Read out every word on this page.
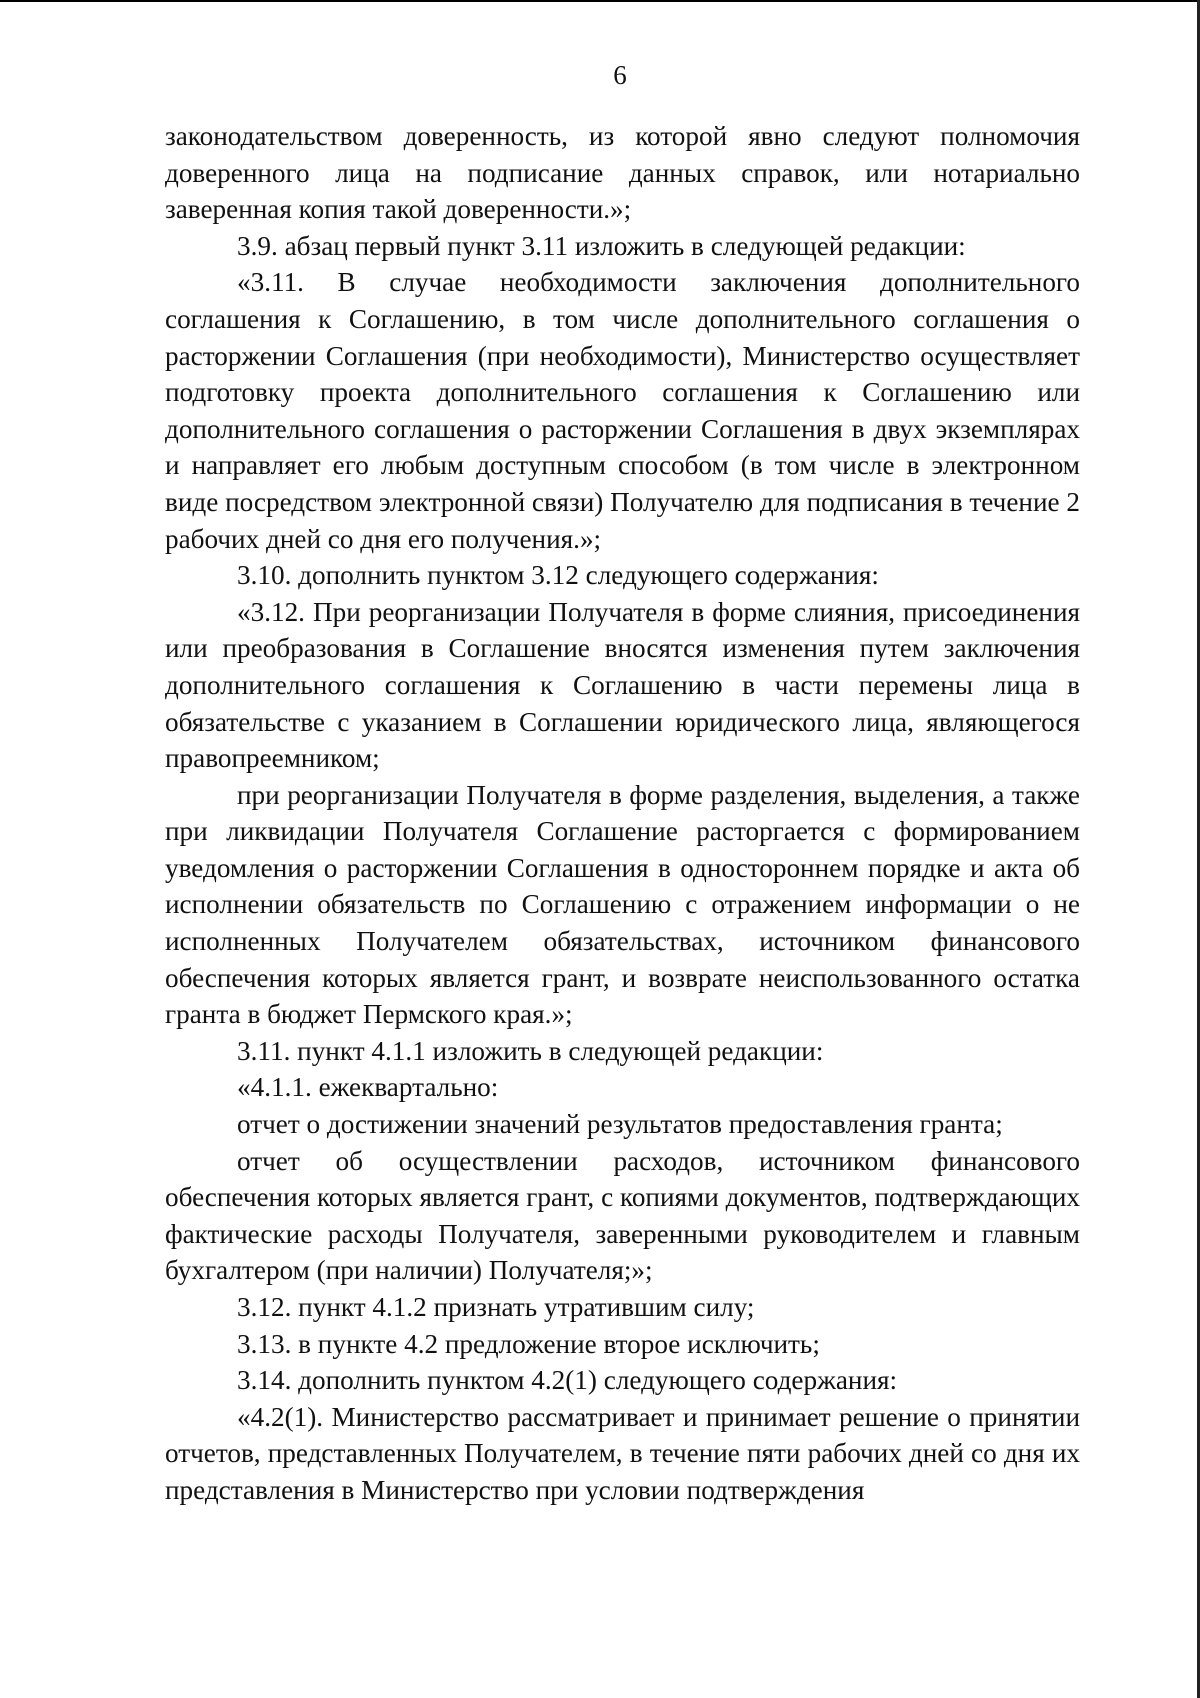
6

законодательством доверенность, из которой явно следуют полномочия доверенного лица на подписание данных справок, или нотариально заверенная копия такой доверенности.»;

3.9. абзац первый пункт 3.11 изложить в следующей редакции:

«3.11. В случае необходимости заключения дополнительного соглашения к Соглашению, в том числе дополнительного соглашения о расторжении Соглашения (при необходимости), Министерство осуществляет подготовку проекта дополнительного соглашения к Соглашению или дополнительного соглашения о расторжении Соглашения в двух экземплярах и направляет его любым доступным способом (в том числе в электронном виде посредством электронной связи) Получателю для подписания в течение 2 рабочих дней со дня его получения.»;

3.10. дополнить пунктом 3.12 следующего содержания:

«3.12. При реорганизации Получателя в форме слияния, присоединения или преобразования в Соглашение вносятся изменения путем заключения дополнительного соглашения к Соглашению в части перемены лица в обязательстве с указанием в Соглашении юридического лица, являющегося правопреемником;

при реорганизации Получателя в форме разделения, выделения, а также при ликвидации Получателя Соглашение расторгается с формированием уведомления о расторжении Соглашения в одностороннем порядке и акта об исполнении обязательств по Соглашению с отражением информации о не исполненных Получателем обязательствах, источником финансового обеспечения которых является грант, и возврате неиспользованного остатка гранта в бюджет Пермского края.»;

3.11. пункт 4.1.1 изложить в следующей редакции:

«4.1.1. ежеквартально:

отчет о достижении значений результатов предоставления гранта;

отчет об осуществлении расходов, источником финансового обеспечения которых является грант, с копиями документов, подтверждающих фактические расходы Получателя, заверенными руководителем и главным бухгалтером (при наличии) Получателя;»;

3.12. пункт 4.1.2 признать утратившим силу;

3.13. в пункте 4.2 предложение второе исключить;

3.14. дополнить пунктом 4.2(1) следующего содержания:

«4.2(1). Министерство рассматривает и принимает решение о принятии отчетов, представленных Получателем, в течение пяти рабочих дней со дня их представления в Министерство при условии подтверждения
